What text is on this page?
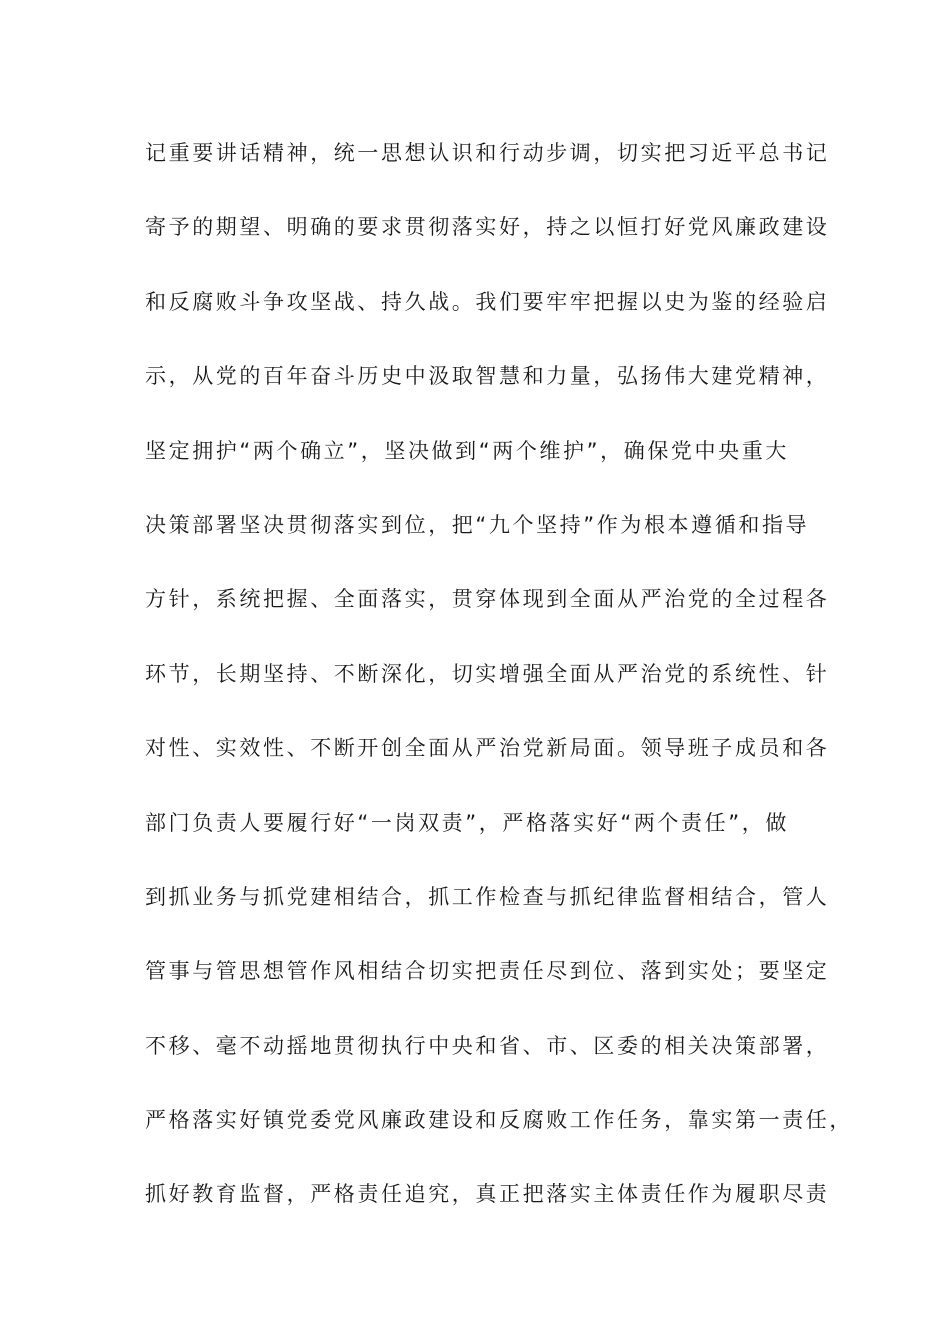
记重要讲话精神，统一思想认识和行动步调，切实把习近平总书记
寄予的期望、明确的要求贯彻落实好，持之以恒打好党风廉政建设
和反腐败斗争攻坚战、持久战。我们要牢牢把握以史为鉴的经验启
示，从党的百年奋斗历史中汲取智慧和力量，弘扬伟大建党精神，
坚定拥护“两个确立”，坚决做到“两个维护”，确保党中央重大
决策部署坚决贯彻落实到位，把“九个坚持”作为根本遵循和指导
方针，系统把握、全面落实，贯穿体现到全面从严治党的全过程各
环节，长期坚持、不断深化，切实增强全面从严治党的系统性、针
对性、实效性、不断开创全面从严治党新局面。领导班子成员和各
部门负责人要履行好“一岗双责”，严格落实好“两个责任”，做
到抓业务与抓党建相结合，抓工作检查与抓纪律监督相结合，管人
管事与管思想管作风相结合切实把责任尽到位、落到实处；要坚定
不移、毫不动摇地贯彻执行中央和省、市、区委的相关决策部署，
严格落实好镇党委党风廉政建设和反腐败工作任务，靠实第一责任，
抓好教育监督，严格责任追究，真正把落实主体责任作为履职尽责
